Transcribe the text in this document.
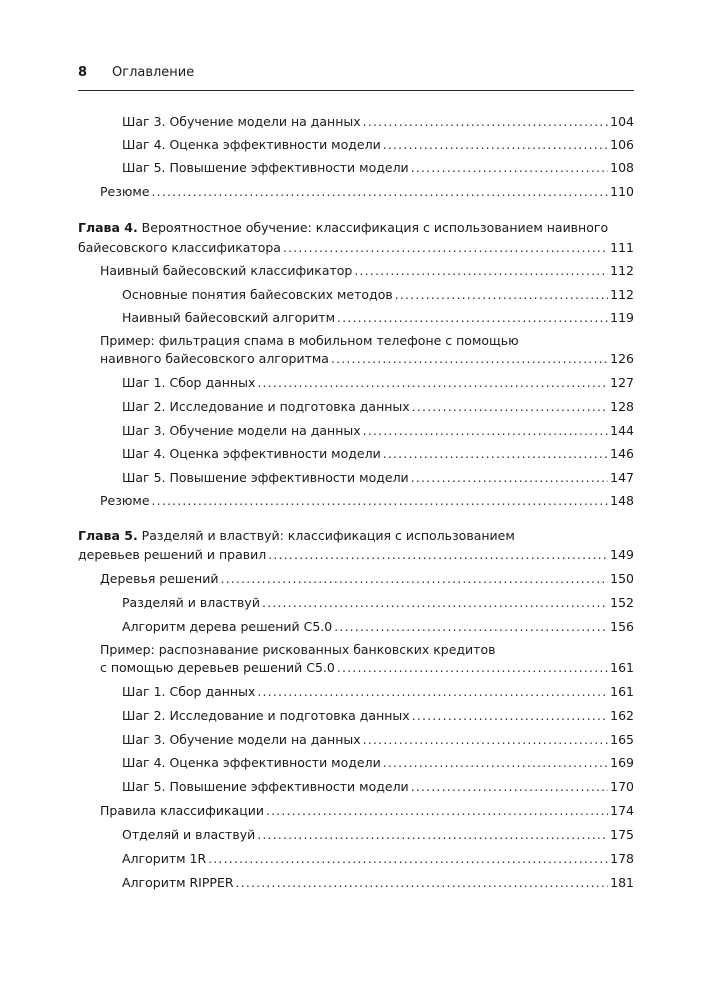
8 Оглавление
Шаг 3. Обучение модели на данных . . .	104
Шаг 4. Оценка эффективности модели . . .	106
Шаг 5. Повышение эффективности модели . . .	108
Резюме . . .	110
Глава 4. Вероятностное обучение: классификация с использованием наивного
байесовского классификатора . . .	111
Наивный байесовский классификатор . . .	112
Основные понятия байесовских методов . . .	112
Наивный байесовский алгоритм . . .	119
Пример: фильтрация спама в мобильном телефоне с помощью
наивного байесовского алгоритма . . .	126
Шаг 1. Сбор данных . . .	127
Шаг 2. Исследование и подготовка данных . . .	128
Шаг 3. Обучение модели на данных . . .	144
Шаг 4. Оценка эффективности модели . . .	146
Шаг 5. Повышение эффективности модели . . .	147
Резюме . . .	148
Глава 5. Разделяй и властвуй: классификация с использованием
деревьев решений и правил . . .	149
Деревья решений . . .	150
Разделяй и властвуй . . .	152
Алгоритм дерева решений C5.0 . . .	156
Пример: распознавание рискованных банковских кредитов
с помощью деревьев решений C5.0 . . .	161
Шаг 1. Сбор данных . . .	161
Шаг 2. Исследование и подготовка данных . . .	162
Шаг 3. Обучение модели на данных . . .	165
Шаг 4. Оценка эффективности модели . . .	169
Шаг 5. Повышение эффективности модели . . .	170
Правила классификации . . .	174
Отделяй и властвуй . . .	175
Алгоритм 1R . . .	178
Алгоритм RIPPER . . .	181
